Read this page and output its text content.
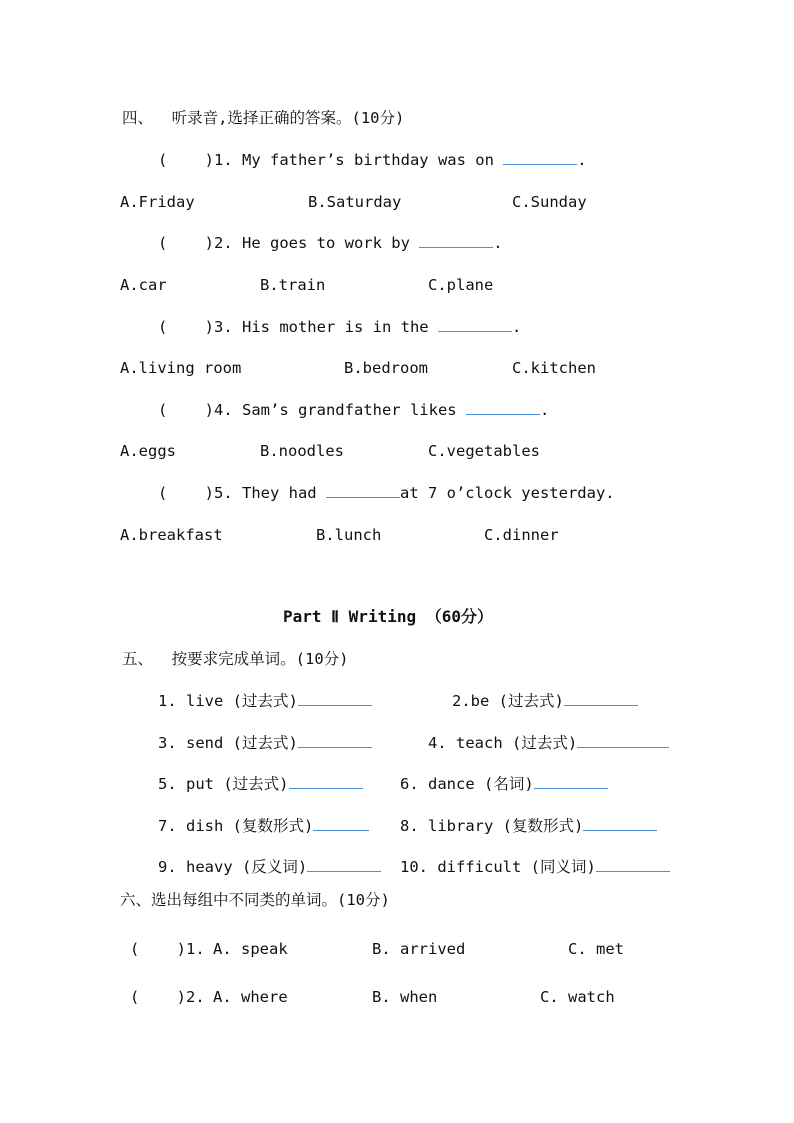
四、  听录音,选择正确的答案。(10分)
(    )1. My father’s birthday was on	.
A.Friday	B.Saturday	C.Sunday
(    )2. He goes to work by	.
A.car	B.train	C.plane
(    )3. His mother is in the	.
A.living room	B.bedroom	C.kitchen
(    )4. Sam’s grandfather likes	.
A.eggs	B.noodles	C.vegetables
(    )5. They had	at 7 o’clock yesterday.
A.breakfast	B.lunch	C.dinner
Part Ⅱ Writing （60分）
五、  按要求完成单词。(10分)
1. live (过去式)	2.be (过去式)
3. send (过去式)	4. teach (过去式)
5. put (过去式)	6. dance (名词)
7. dish (复数形式)	8. library (复数形式)
9. heavy (反义词)	10. difficult (同义词)
六、选出每组中不同类的单词。(10分)
(    )1. A. speak	B. arrived	C. met
(    )2. A. where	B. when	C. watch
